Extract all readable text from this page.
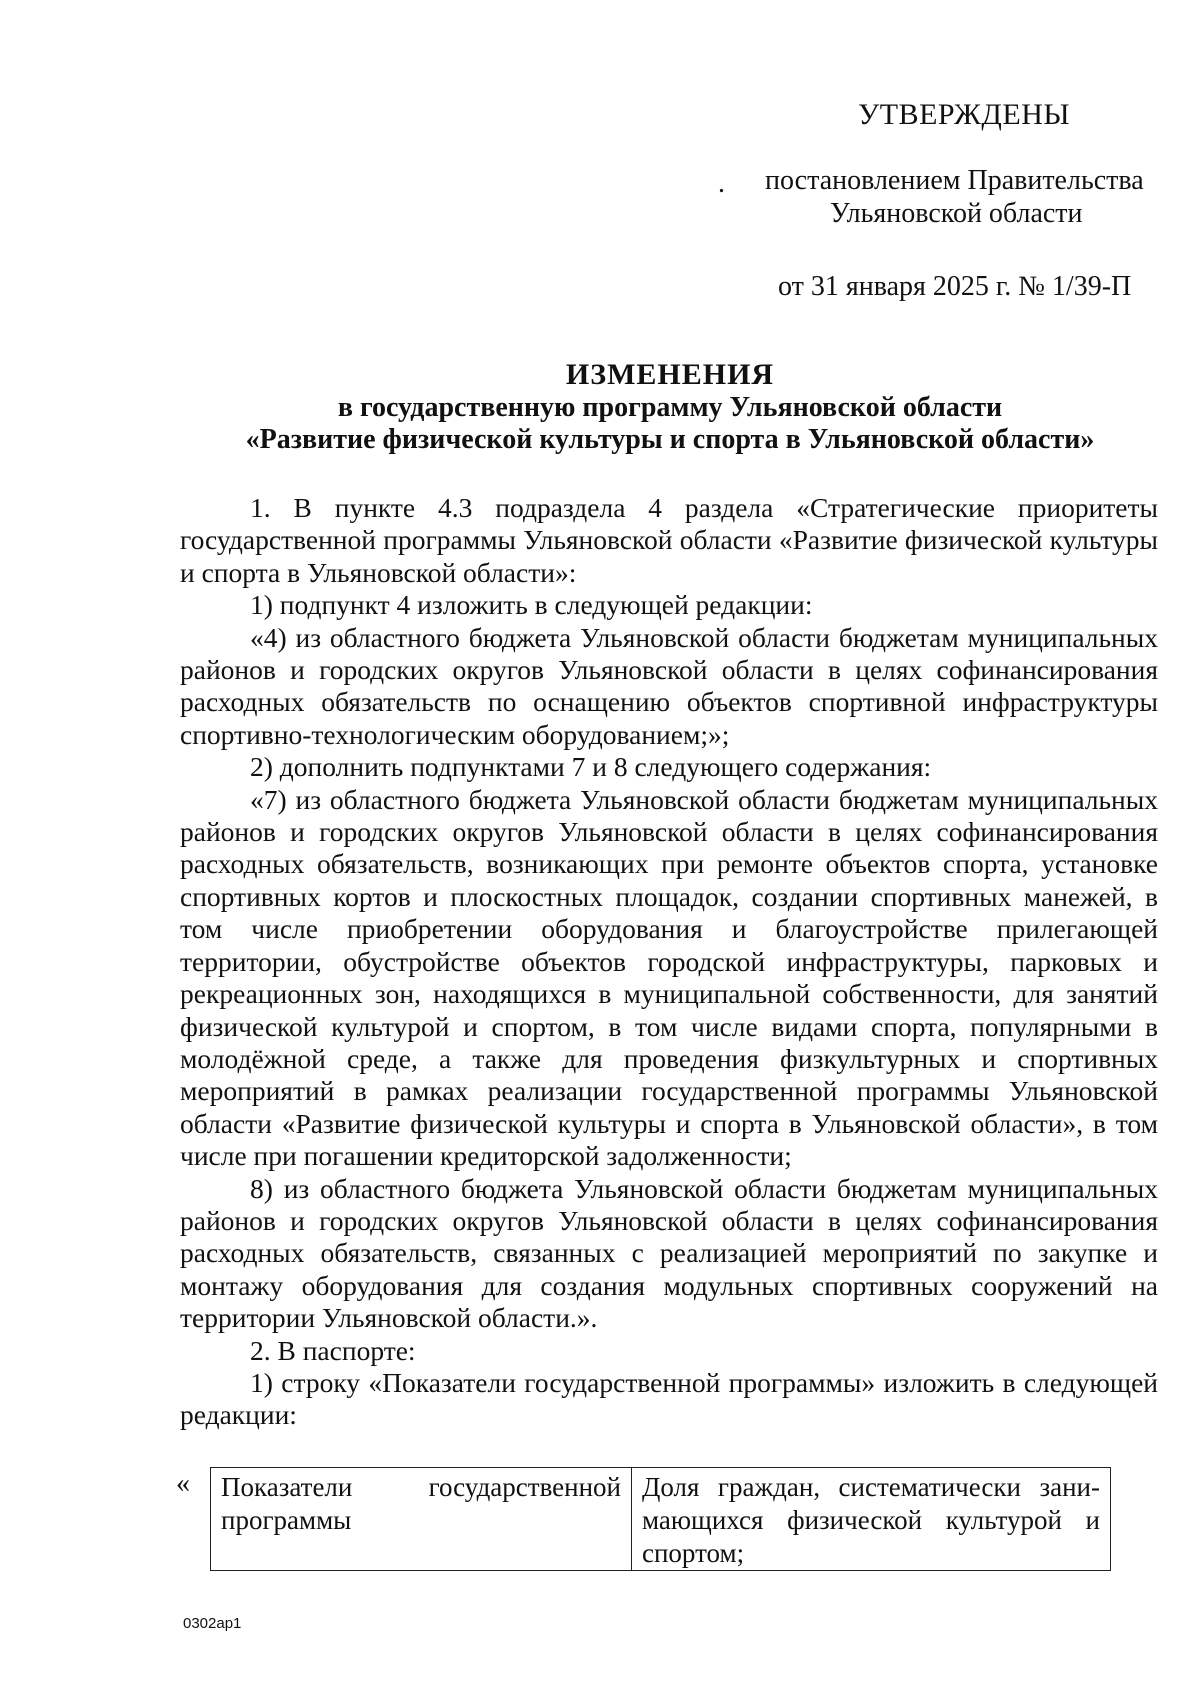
УТВЕРЖДЕНЫ
. постановлением Правительства
Ульяновской области
от 31 января 2025 г. № 1/39-П
ИЗМЕНЕНИЯ
в государственную программу Ульяновской области
«Развитие физической культуры и спорта в Ульяновской области»

1. В пункте 4.3 подраздела 4 раздела «Стратегические приоритеты государственной программы Ульяновской области «Развитие физической культуры и спорта в Ульяновской области»:

1) подпункт 4 изложить в следующей редакции:

«4) из областного бюджета Ульяновской области бюджетам муниципальных районов и городских округов Ульяновской области в целях софинансирования расходных обязательств по оснащению объектов спортивной инфраструктуры спортивно-технологическим оборудованием;»;

2) дополнить подпунктами 7 и 8 следующего содержания:

«7) из областного бюджета Ульяновской области бюджетам муниципальных районов и городских округов Ульяновской области в целях софинансирования расходных обязательств, возникающих при ремонте объектов спорта, установке спортивных кортов и плоскостных площадок, создании спортивных манежей, в том числе приобретении оборудования и благоустройстве прилегающей территории, обустройстве объектов городской инфраструктуры, парковых и рекреационных зон, находящихся в муниципальной собственности, для занятий физической культурой и спортом, в том числе видами спорта, популярными в молодёжной среде, а также для проведения физкультурных и спортивных мероприятий в рамках реализации государственной программы Ульяновской области «Развитие физической культуры и спорта в Ульяновской области», в том числе при погашении кредиторской задолженности;

8) из областного бюджета Ульяновской области бюджетам муниципальных районов и городских округов Ульяновской области в целях софинансирования расходных обязательств, связанных с реализацией мероприятий по закупке и монтажу оборудования для создания модульных спортивных сооружений на территории Ульяновской области.».

2. В паспорте:

1) строку «Показатели государственной программы» изложить в следующей редакции:

« Показатели государственной
программы

Доля граждан, систематически зани-
мающихся физической культурой и
спортом;
0302ap1
